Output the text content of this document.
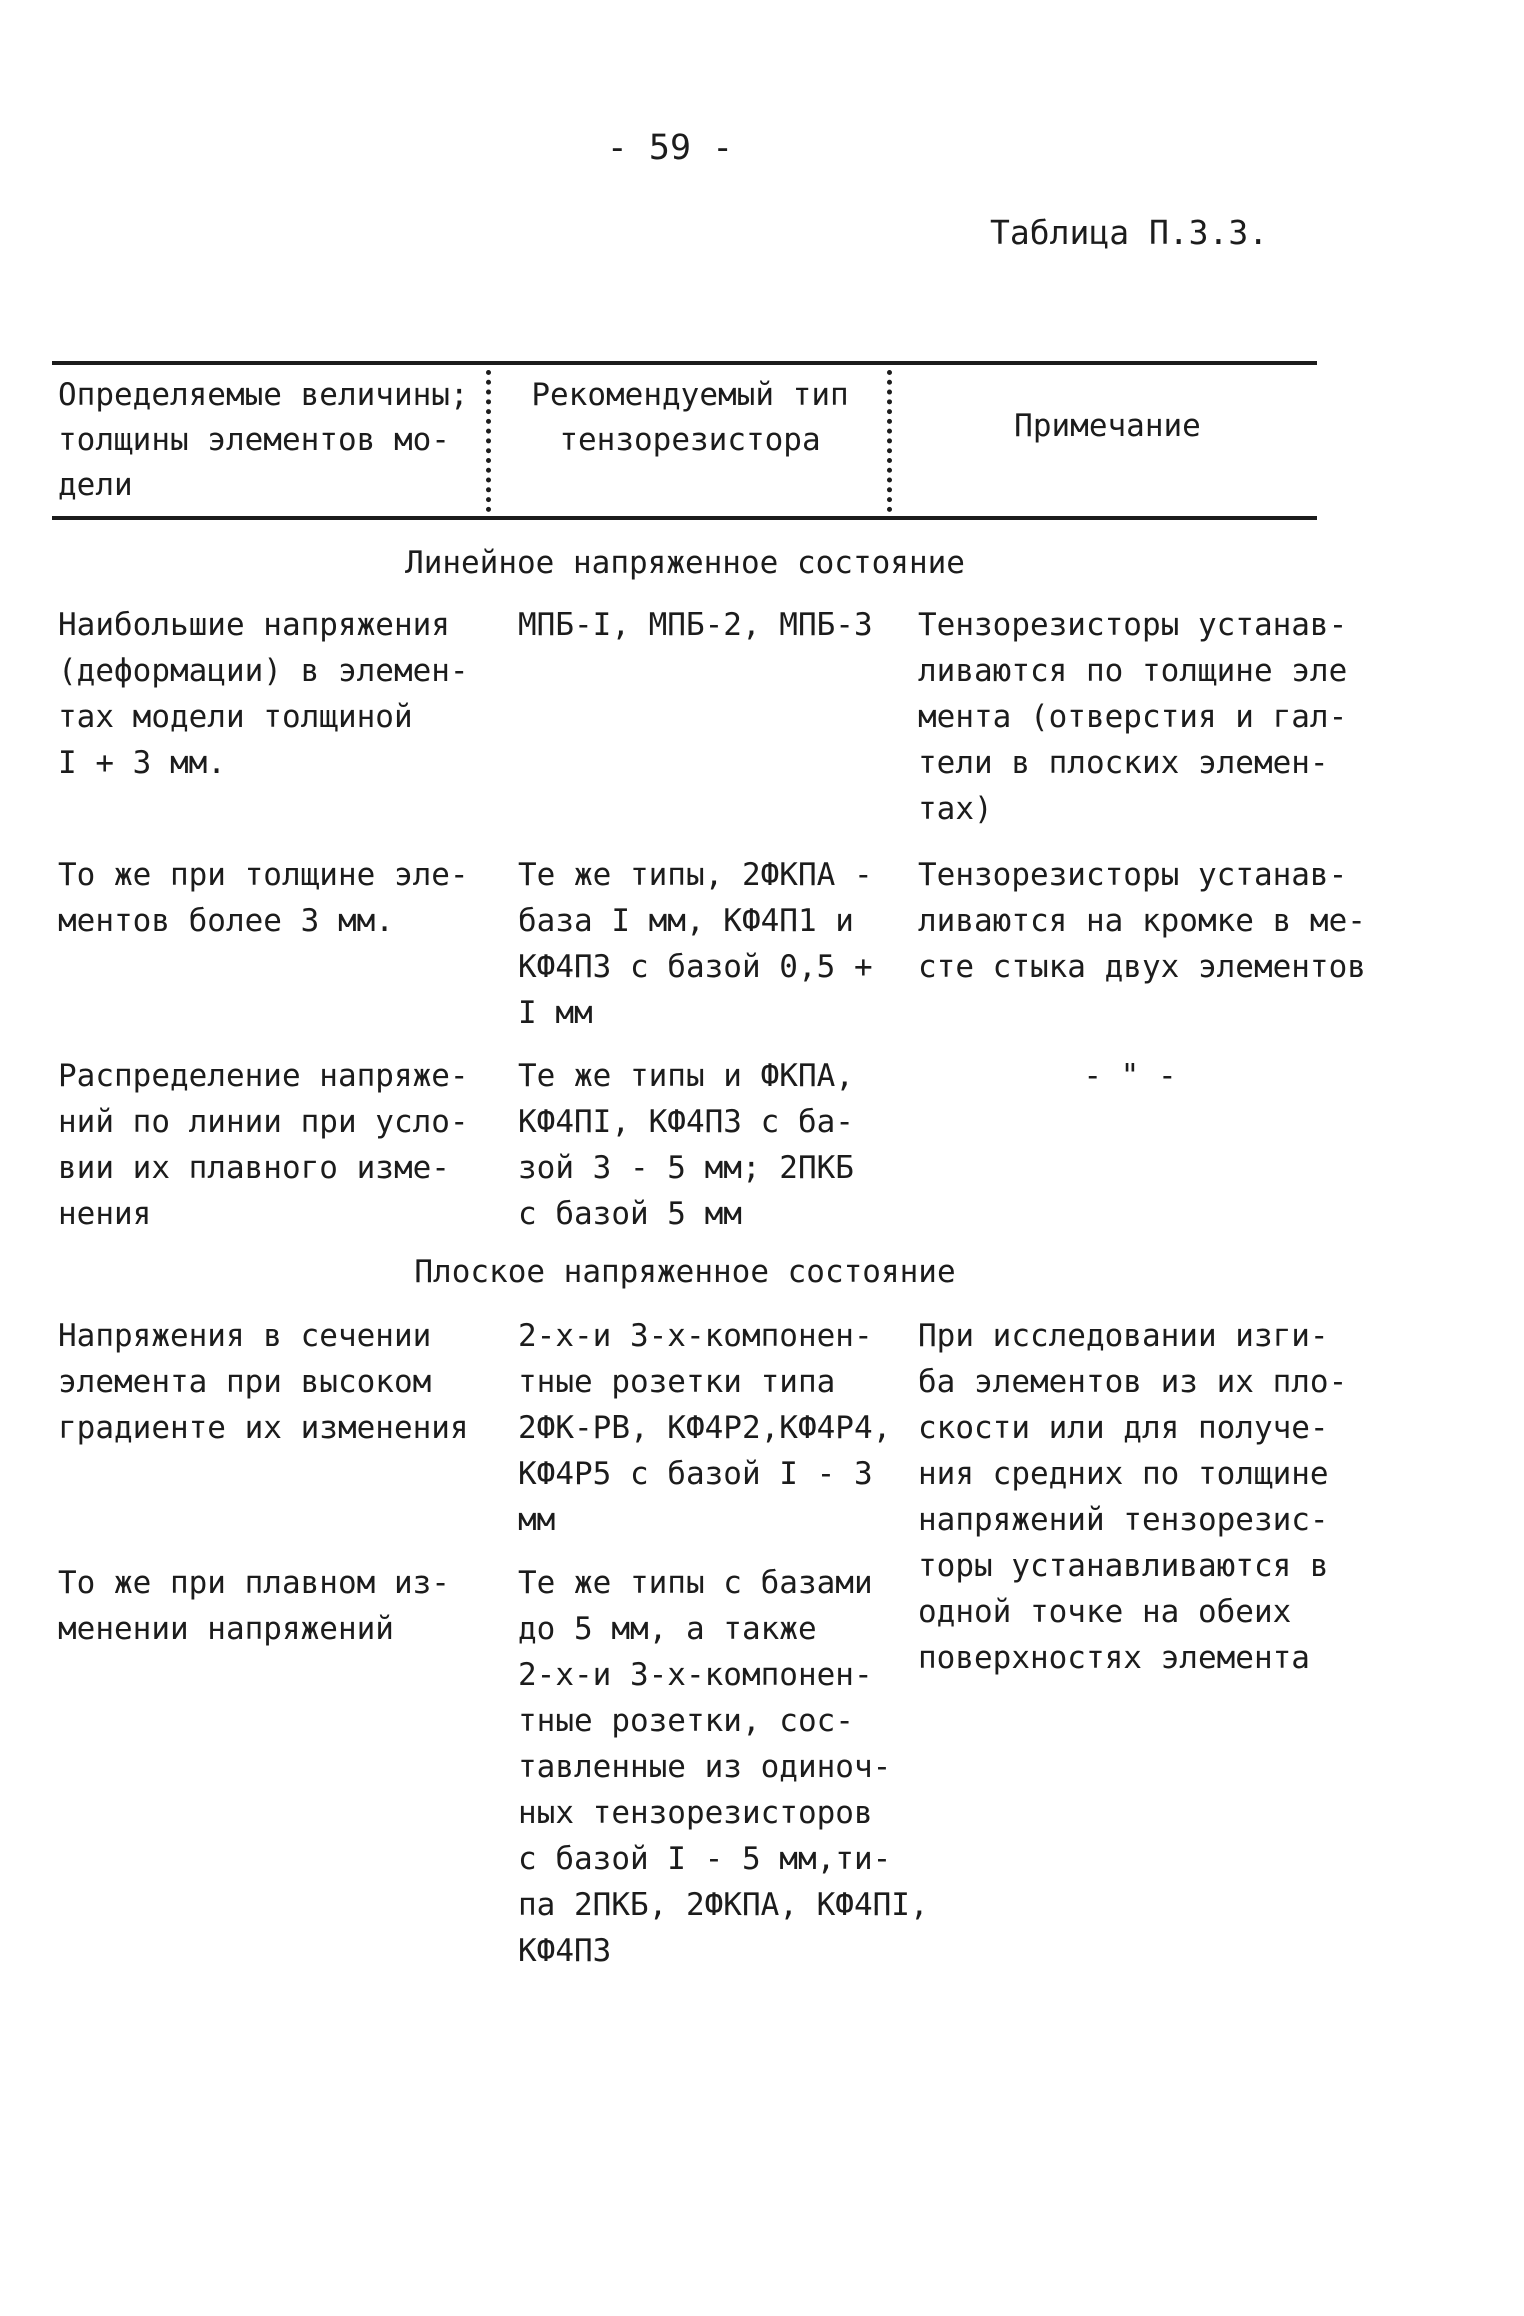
- 59 -
Таблица П.3.3.
Определяемые величины;
толщины элементов мо-
дели
Рекомендуемый тип
тензорезистора	Примечание
Линейное напряженное состояние
Наибольшие напряжения
(деформации) в элемен-
тах модели толщиной
I + 3 мм.
МПБ-I, МПБ-2, МПБ-3 Тензорезисторы устанав-
ливаются по толщине эле
мента (отверстия и гал-
тели в плоских элемен-
тах)
То же при толщине эле-
ментов более 3 мм.
Те же типы, 2ФКПА -
база I мм, КФ4П1 и
КФ4П3 с базой 0,5 +
I мм
Тензорезисторы устанав-
ливаются на кромке в ме-
сте стыка двух элементов
Распределение напряже-
ний по линии при усло-
вии их плавного изме-
нения
Те же типы и ФКПА,
КФ4ПI, КФ4П3 с ба-
зой 3 - 5 мм; 2ПКБ
с базой 5 мм
- " -
Плоское напряженное состояние
Напряжения в сечении
элемента при высоком
градиенте их изменения
2-х-и 3-х-компонен-
тные розетки типа
2ФК-РВ, КФ4Р2,КФ4Р4,
КФ4Р5 с базой I - 3
мм
При исследовании изги-
ба элементов из их пло-
скости или для получе-
ния средних по толщине
напряжений тензорезис-
торы устанавливаются в
одной точке на обеих
поверхностях элемента
То же при плавном из-
менении напряжений
Те же типы с базами
до 5 мм, а также
2-х-и 3-х-компонен-
тные розетки, сос-
тавленные из одиноч-
ных тензорезисторов
с базой I - 5 мм,ти-
па 2ПКБ, 2ФКПА, КФ4ПI,
КФ4П3
